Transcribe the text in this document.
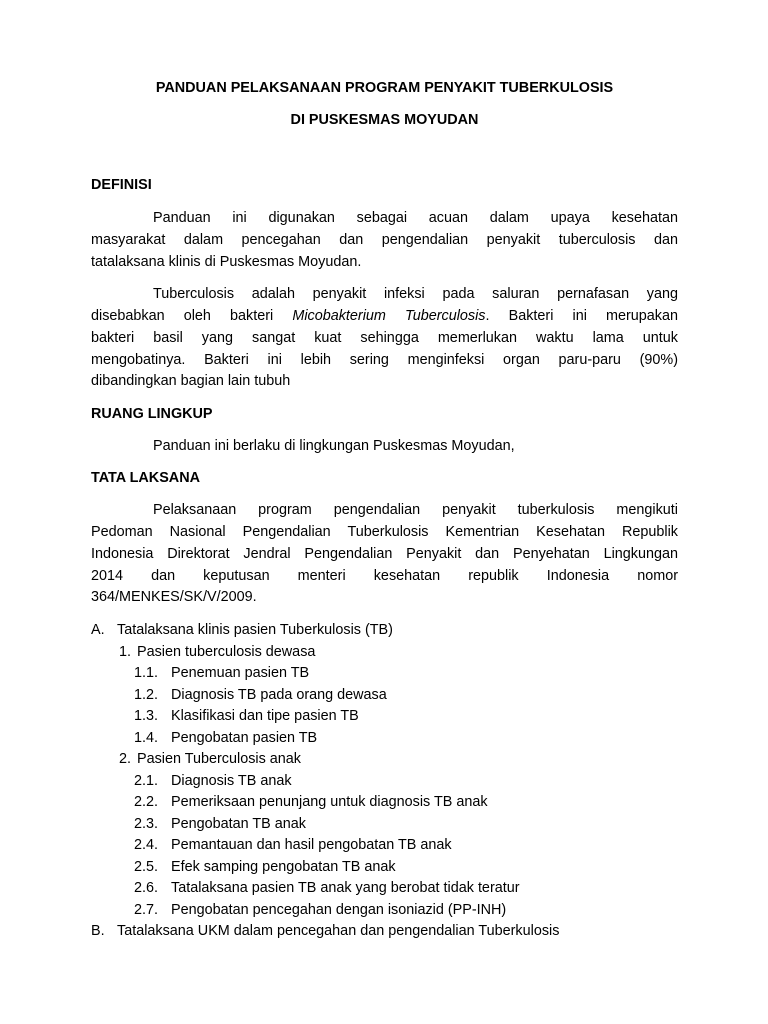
PANDUAN PELAKSANAAN PROGRAM PENYAKIT TUBERKULOSIS
DI PUSKESMAS MOYUDAN
DEFINISI
Panduan ini digunakan sebagai acuan dalam upaya kesehatan
masyarakat dalam pencegahan dan pengendalian penyakit tuberculosis dan
tatalaksana klinis di Puskesmas Moyudan.
Tuberculosis adalah penyakit infeksi pada saluran pernafasan yang
disebabkan oleh bakteri Micobakterium Tuberculosis. Bakteri ini merupakan
bakteri basil yang sangat kuat sehingga memerlukan waktu lama untuk
mengobatinya. Bakteri ini lebih sering menginfeksi organ paru-paru (90%)
dibandingkan bagian lain tubuh
RUANG LINGKUP
Panduan ini berlaku di lingkungan Puskesmas Moyudan,
TATA LAKSANA
Pelaksanaan program pengendalian penyakit tuberkulosis mengikuti
Pedoman Nasional Pengendalian Tuberkulosis Kementrian Kesehatan Republik
Indonesia Direktorat Jendral Pengendalian Penyakit dan Penyehatan Lingkungan
2014 dan keputusan menteri kesehatan republik Indonesia nomor
364/MENKES/SK/V/2009.
A. Tatalaksana klinis pasien Tuberkulosis (TB)
1. Pasien tuberculosis dewasa
1.1. Penemuan pasien TB
1.2. Diagnosis TB pada orang dewasa
1.3. Klasifikasi dan tipe pasien TB
1.4. Pengobatan pasien TB
2. Pasien Tuberculosis anak
2.1. Diagnosis TB anak
2.2. Pemeriksaan penunjang untuk diagnosis TB anak
2.3. Pengobatan TB anak
2.4. Pemantauan dan hasil pengobatan TB anak
2.5. Efek samping pengobatan TB anak
2.6. Tatalaksana pasien TB anak yang berobat tidak teratur
2.7. Pengobatan pencegahan dengan isoniazid (PP-INH)
B. Tatalaksana UKM dalam pencegahan dan pengendalian Tuberkulosis
